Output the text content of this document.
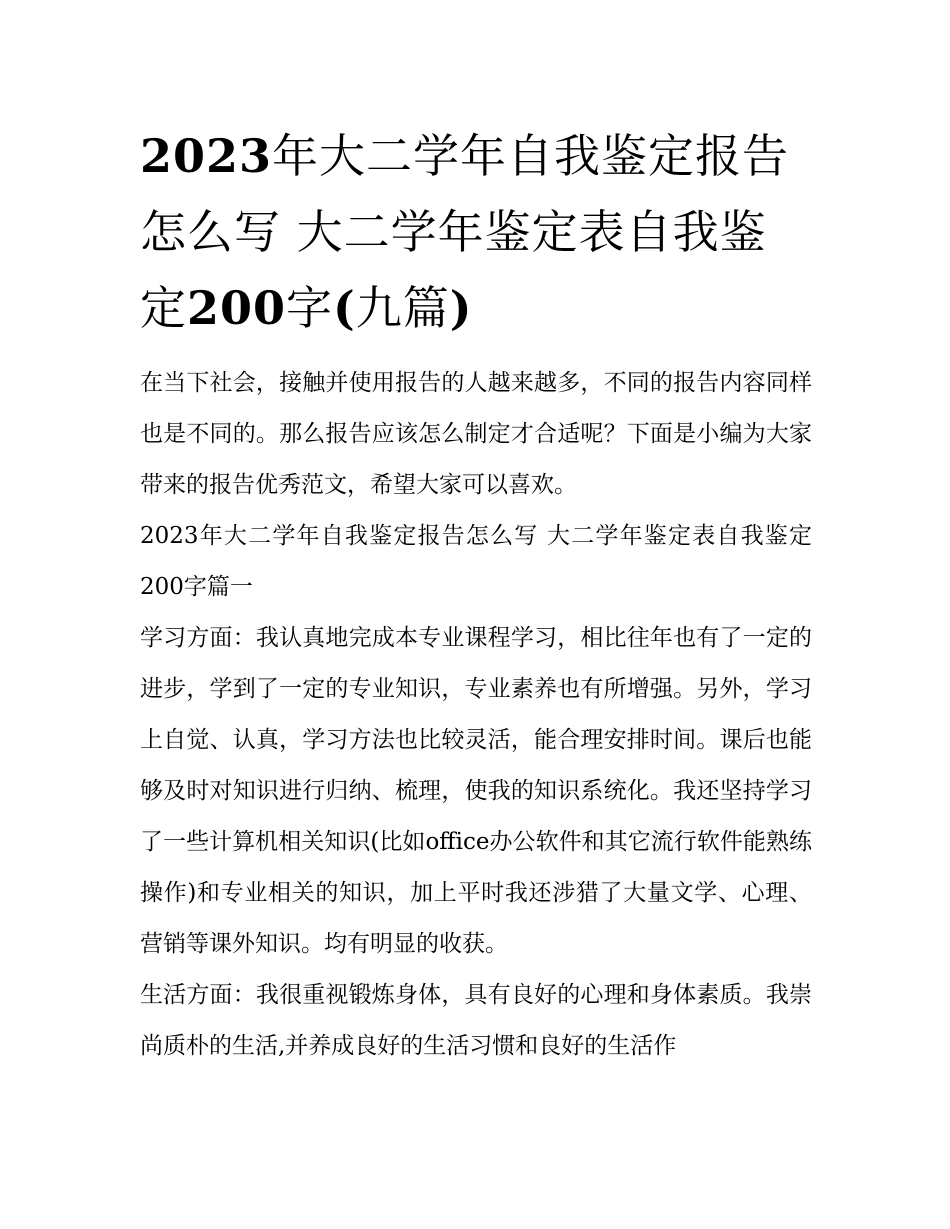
2023年大二学年自我鉴定报告怎么写 大二学年鉴定表自我鉴定200字(九篇)

在当下社会，接触并使用报告的人越来越多，不同的报告内容同样也是不同的。那么报告应该怎么制定才合适呢？下面是小编为大家带来的报告优秀范文，希望大家可以喜欢。

2023年大二学年自我鉴定报告怎么写 大二学年鉴定表自我鉴定200字篇一

学习方面：我认真地完成本专业课程学习，相比往年也有了一定的进步，学到了一定的专业知识，专业素养也有所增强。另外，学习上自觉、认真，学习方法也比较灵活，能合理安排时间。课后也能够及时对知识进行归纳、梳理，使我的知识系统化。我还坚持学习了一些计算机相关知识(比如office办公软件和其它流行软件能熟练操作)和专业相关的知识，加上平时我还涉猎了大量文学、心理、营销等课外知识。均有明显的收获。

生活方面：我很重视锻炼身体，具有良好的心理和身体素质。我崇尚质朴的生活,并养成良好的生活习惯和良好的生活作
